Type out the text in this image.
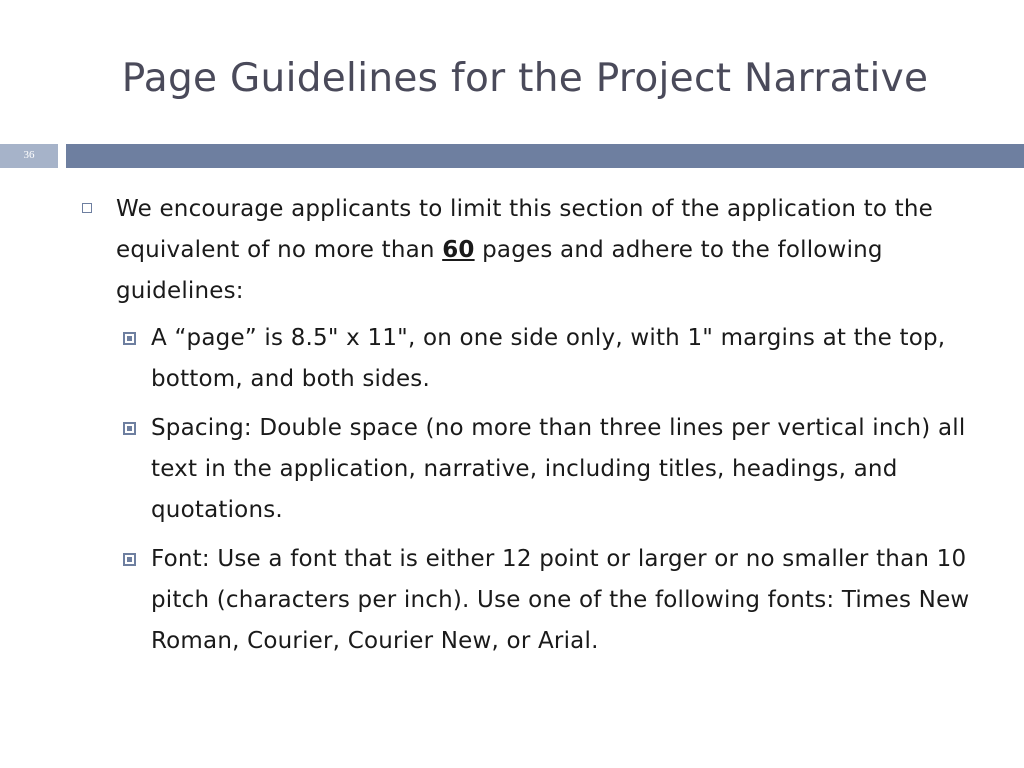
Page Guidelines for the Project Narrative
36
We encourage applicants to limit this section of the application to the equivalent of no more than 60 pages and adhere to the following guidelines:
A “page” is 8.5" x 11", on one side only, with 1" margins at the top, bottom, and both sides.
Spacing: Double space (no more than three lines per vertical inch) all text in the application, narrative, including titles, headings, and quotations.
Font: Use a font that is either 12 point or larger or no smaller than 10 pitch (characters per inch). Use one of the following fonts: Times New Roman, Courier, Courier New, or Arial.
